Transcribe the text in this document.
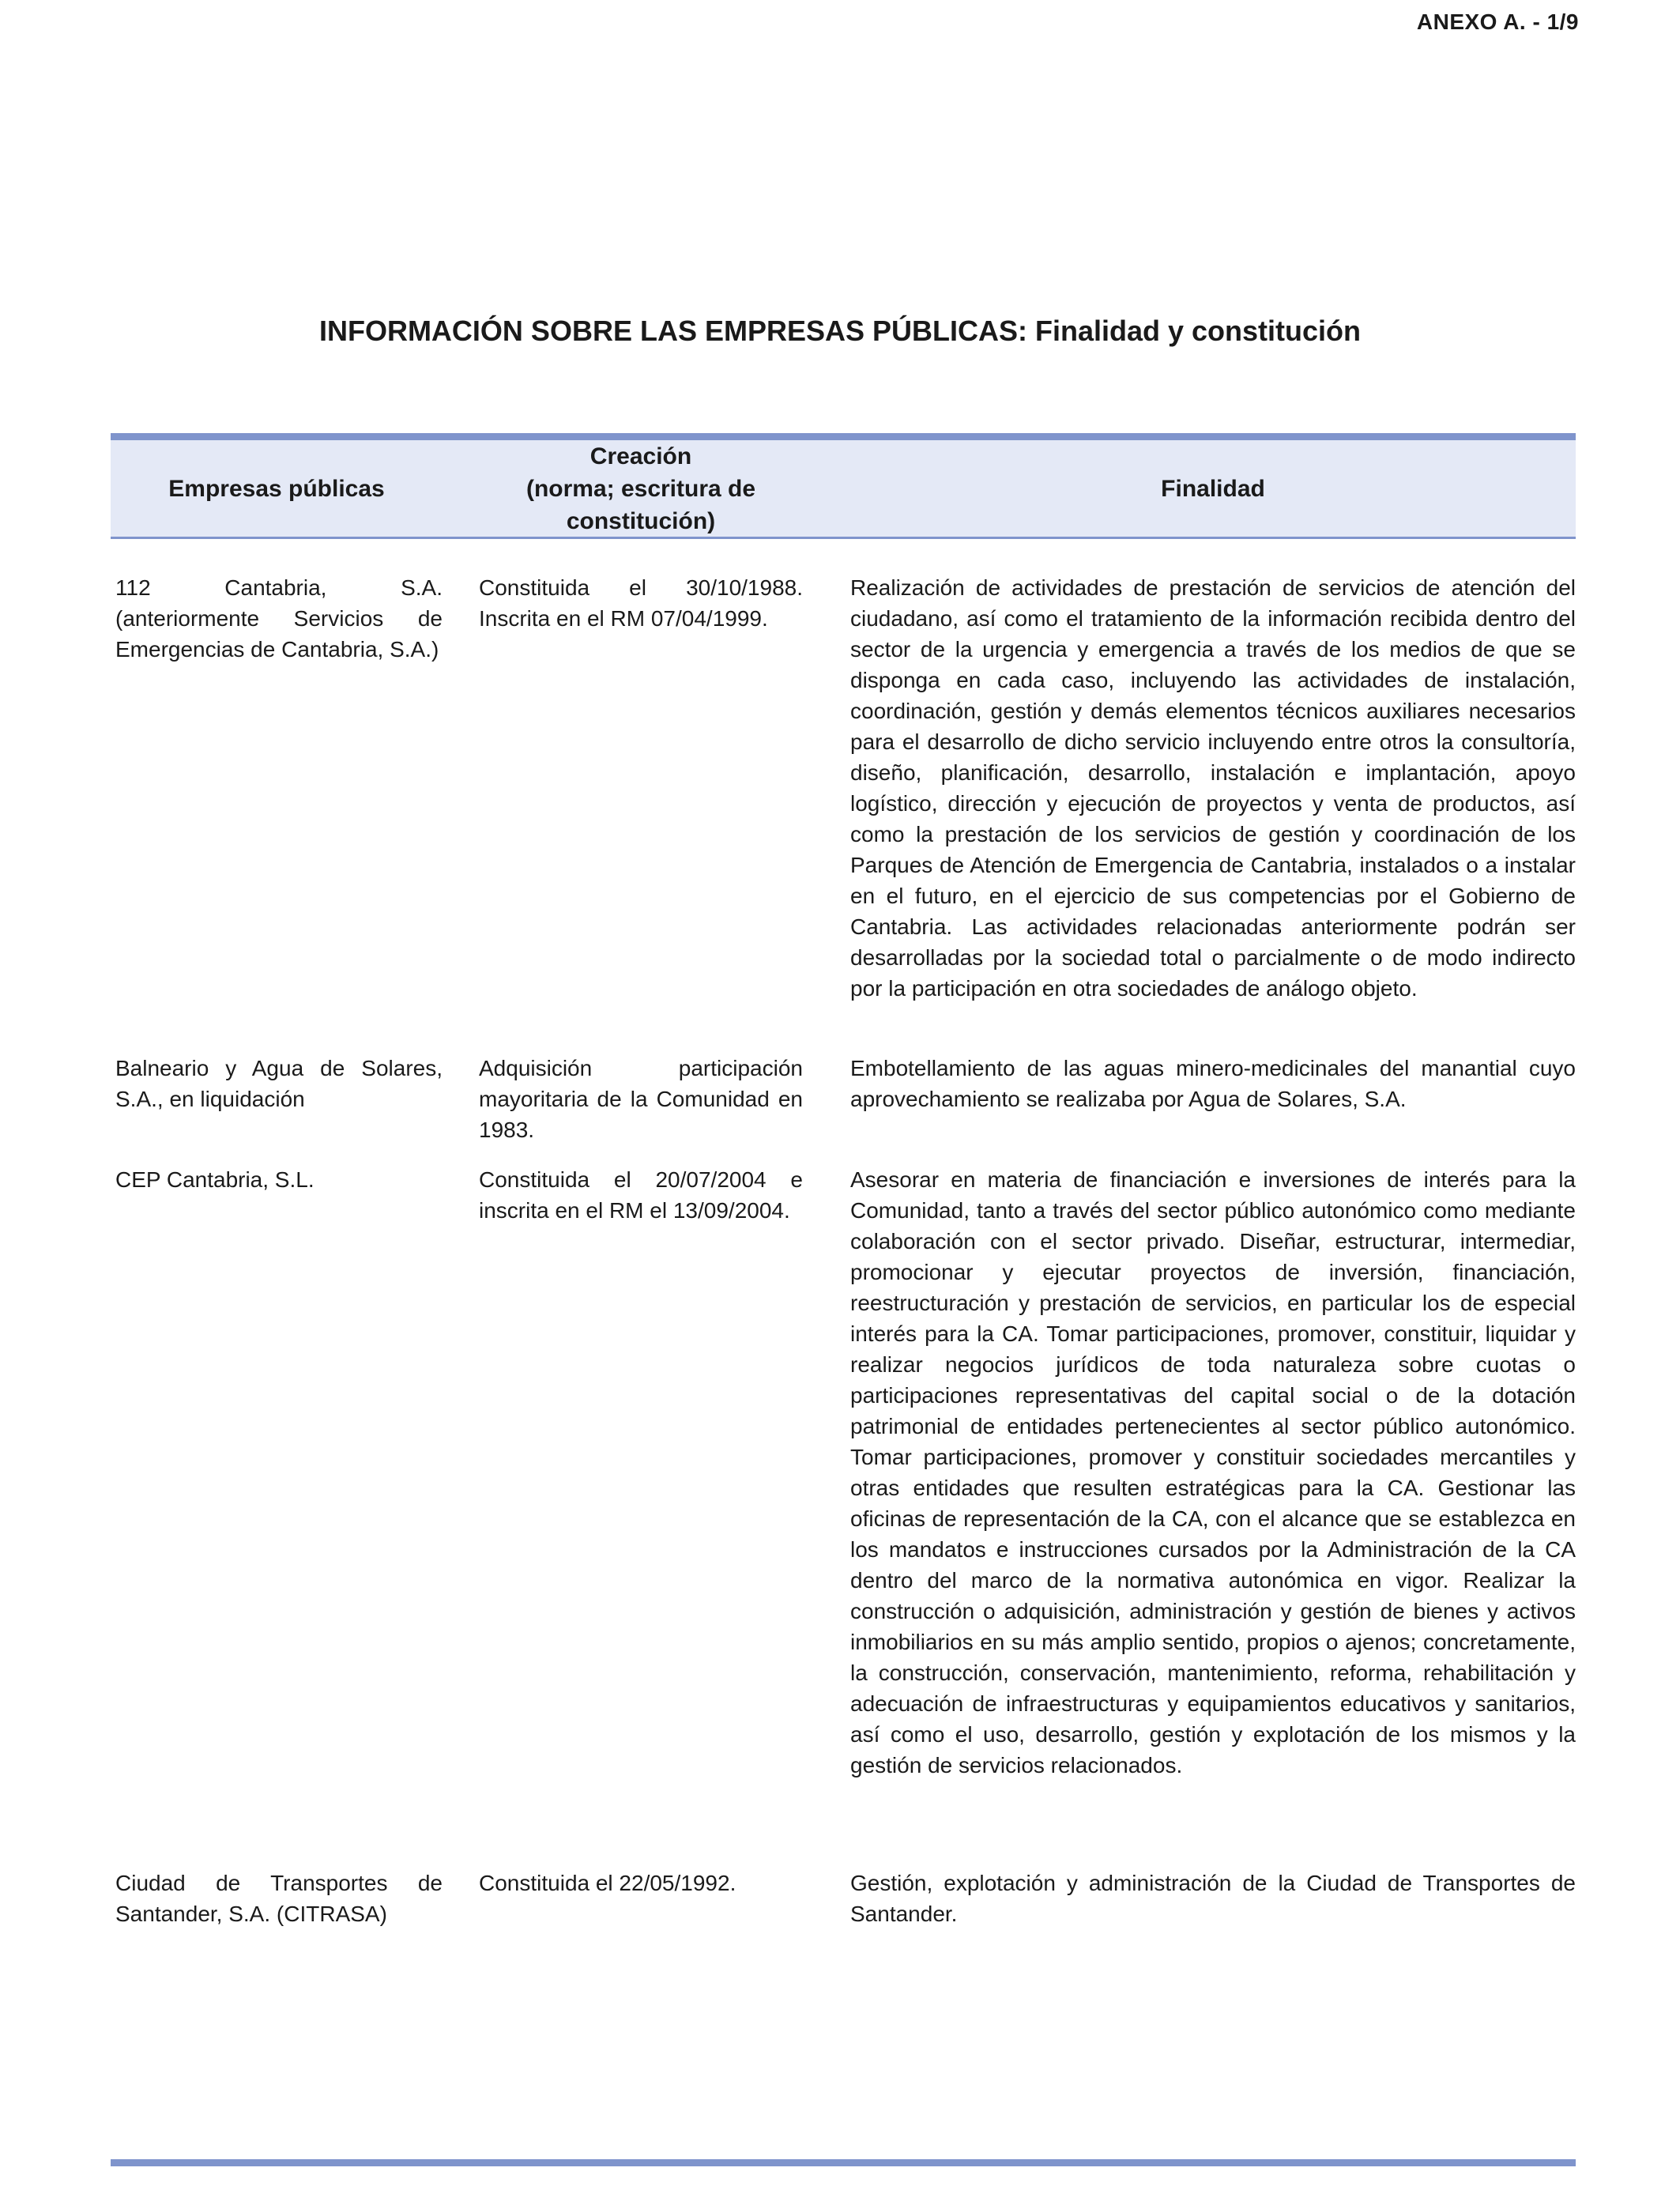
ANEXO A. - 1/9
INFORMACIÓN SOBRE LAS EMPRESAS PÚBLICAS: Finalidad y constitución
Empresas públicas
Creación
(norma; escritura de constitución)
Finalidad
112 Cantabria, S.A. (anteriormente Servicios de Emergencias de Cantabria, S.A.)
Constituida el 30/10/1988. Inscrita en el RM 07/04/1999.
Realización de actividades de prestación de servicios de atención del ciudadano, así como el tratamiento de la información recibida dentro del sector de la urgencia y emergencia a través de los medios de que se disponga en cada caso, incluyendo las actividades de instalación, coordinación, gestión y demás elementos técnicos auxiliares necesarios para el desarrollo de dicho servicio incluyendo entre otros la consultoría, diseño, planificación, desarrollo, instalación e implantación, apoyo logístico, dirección y ejecución de proyectos y venta de productos, así como la prestación de los servicios de gestión y coordinación de los Parques de Atención de Emergencia de Cantabria, instalados o a instalar en el futuro, en el ejercicio de sus competencias por el Gobierno de Cantabria. Las actividades relacionadas anteriormente podrán ser desarrolladas por la sociedad total o parcialmente o de modo indirecto por la participación en otra sociedades de análogo objeto.
Balneario y Agua de Solares, S.A., en liquidación
Adquisición participación mayoritaria de la Comunidad en 1983.
Embotellamiento de las aguas minero-medicinales del manantial cuyo aprovechamiento se realizaba por Agua de Solares, S.A.
CEP Cantabria, S.L.	Constituida el 20/07/2004 e inscrita en el RM el 13/09/2004.
Asesorar en materia de financiación e inversiones de interés para la Comunidad, tanto a través del sector público autonómico como mediante colaboración con el sector privado. Diseñar, estructurar, intermediar, promocionar y ejecutar proyectos de inversión, financiación, reestructuración y prestación de servicios, en particular los de especial interés para la CA. Tomar participaciones, promover, constituir, liquidar y realizar negocios jurídicos de toda naturaleza sobre cuotas o participaciones representativas del capital social o de la dotación patrimonial de entidades pertenecientes al sector público autonómico. Tomar participaciones, promover y constituir sociedades mercantiles y otras entidades que resulten estratégicas para la CA. Gestionar las oficinas de representación de la CA, con el alcance que se establezca en los mandatos e instrucciones cursados por la Administración de la CA dentro del marco de la normativa autonómica en vigor. Realizar la construcción o adquisición, administración y gestión de bienes y activos inmobiliarios en su más amplio sentido, propios o ajenos; concretamente, la construcción, conservación, mantenimiento, reforma, rehabilitación y adecuación de infraestructuras y equipamientos educativos y sanitarios, así como el uso, desarrollo, gestión y explotación de los mismos y la gestión de servicios relacionados.
Ciudad de Transportes de Santander, S.A. (CITRASA)
Constituida el 22/05/1992.	Gestión, explotación y administración de la Ciudad de Transportes de Santander.
